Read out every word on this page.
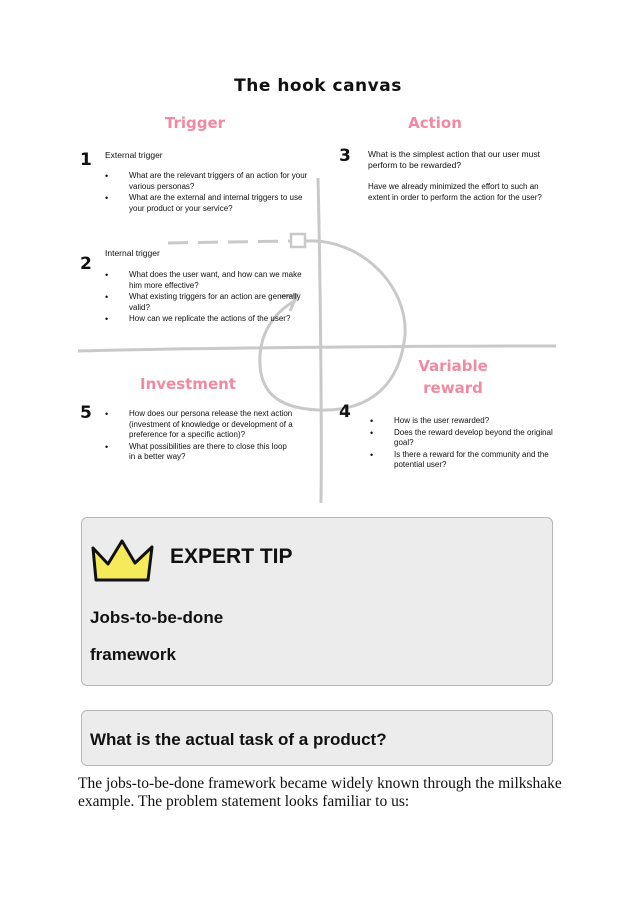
The hook canvas
Trigger
1 External trigger
• What are the relevant triggers of an action for your various personas?
• What are the external and internal triggers to use your product or your service?
2
Internal trigger
• What does the user want, and how can we make him more effective?
• What existing triggers for an action are generally valid?
• How can we replicate the actions of the user?
Action
3 What is the simplest action that our user must perform to be rewarded?
Have we already minimized the effort to such an extent in order to perform the action for the user?
Investment
5	• How does our persona release the next action (investment of knowledge or development of a preference for a specific action)?
• What possibilities are there to close this loop in a better way?
Variable
reward
4	• How is the user rewarded?
• Does the reward develop beyond the original goal?
• Is there a reward for the community and the potential user?
EXPERT TIP
Jobs-to-be-done
framework
What is the actual task of a product?
The jobs-to-be-done framework became widely known through the milkshake example. The problem statement looks familiar to us:
